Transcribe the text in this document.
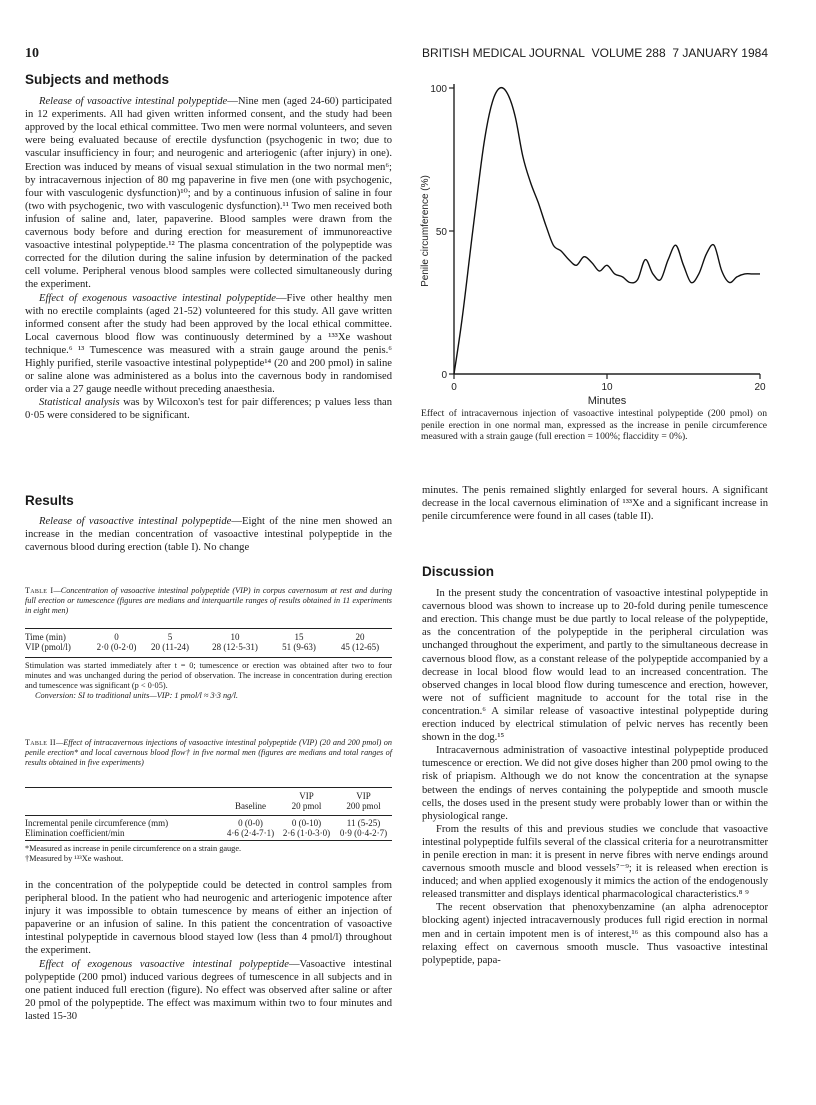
10	BRITISH MEDICAL JOURNAL VOLUME 288 7 JANUARY 1984
Subjects and methods

Release of vasoactive intestinal polypeptide—Nine men (aged 24-60) participated in 12 experiments. All had given written informed consent, and the study had been approved by the local ethical committee. Two men were normal volunteers, and seven were being evaluated because of erectile dysfunction (psychogenic in two; due to vascular insufficiency in four; and neurogenic and arteriogenic (after injury) in one). Erection was induced by means of visual sexual stimulation in the two normal men⁶; by intracavernous injection of 80 mg papaverine in five men (one with psychogenic, four with vasculogenic dysfunction)¹⁰; and by a continuous infusion of saline in four (two with psychogenic, two with vasculogenic dysfunction).¹¹ Two men received both infusion of saline and, later, papaverine. Blood samples were drawn from the cavernous body before and during erection for measurement of immunoreactive vasoactive intestinal polypeptide.¹² The plasma concentration of the polypeptide was corrected for the dilution during the saline infusion by determination of the packed cell volume. Peripheral venous blood samples were collected simultaneously during the experiment.

Effect of exogenous vasoactive intestinal polypeptide—Five other healthy men with no erectile complaints (aged 21-52) volunteered for this study. All gave written informed consent after the study had been approved by the local ethical committee. Local cavernous blood flow was continuously determined by a ¹³³Xe washout technique.⁶ ¹³ Tumescence was measured with a strain gauge around the penis.⁶ Highly purified, sterile vasoactive intestinal polypeptide¹⁴ (20 and 200 pmol) in saline or saline alone was administered as a bolus into the cavernous body in randomised order via a 27 gauge needle without preceding anaesthesia.

Statistical analysis was by Wilcoxon's test for pair differences; p values less than 0·05 were considered to be significant.

Results

Release of vasoactive intestinal polypeptide—Eight of the nine men showed an increase in the median concentration of vasoactive intestinal polypeptide in the cavernous blood during erection (table I). No change

Table I—Concentration of vasoactive intestinal polypeptide (VIP) in corpus cavernosum at rest and during full erection or tumescence (figures are medians and interquartile ranges of results obtained in 11 experiments in eight men)
Time (min)	0	5	10	15	20
VIP (pmol/l)	2·0 (0-2·0)	20 (11-24)	28 (12·5-31)	51 (9-63)	45 (12-65)
Stimulation was started immediately after t = 0; tumescence or erection was obtained after two to four minutes and was unchanged during the period of observation. The increase in concentration during erection and tumescence was significant (p < 0·05).
Conversion: SI to traditional units—VIP: 1 pmol/l ≈ 3·3 ng/l.
Table II—Effect of intracavernous injections of vasoactive intestinal polypeptide (VIP) (20 and 200 pmol) on penile erection* and local cavernous blood flow† in five normal men (figures are medians and total ranges of results obtained in five experiments)
		VIP	VIP
	Baseline	20 pmol	200 pmol
Incremental penile circumference (mm)	0 (0-0)	0 (0-10)	11 (5-25)
Elimination coefficient/min	4·6 (2·4-7·1)	2·6 (1·0-3·0)	0·9 (0·4-2·7)
*Measured as increase in penile circumference on a strain gauge.
†Measured by ¹³³Xe washout.

in the concentration of the polypeptide could be detected in control samples from peripheral blood. In the patient who had neurogenic and arteriogenic impotence after injury it was impossible to obtain tumescence by means of either an injection of papaverine or an infusion of saline. In this patient the concentration of vasoactive intestinal polypeptide in cavernous blood stayed low (less than 4 pmol/l) throughout the experiment.

Effect of exogenous vasoactive intestinal polypeptide—Vasoactive intestinal polypeptide (200 pmol) induced various degrees of tumescence in all subjects and in one patient induced full erection (figure). No effect was observed after saline or after 20 pmol of the polypeptide. The effect was maximum within two to four minutes and lasted 15-30

0
50
100
0	10	20
Minutes
Penile circumference (%)
Effect of intracavernous injection of vasoactive intestinal polypeptide (200 pmol) on penile erection in one normal man, expressed as the increase in penile circumference measured with a strain gauge (full erection = 100%; flaccidity = 0%).

minutes. The penis remained slightly enlarged for several hours. A significant decrease in the local cavernous elimination of ¹³³Xe and a significant increase in penile circumference were found in all cases (table II).

Discussion

In the present study the concentration of vasoactive intestinal polypeptide in cavernous blood was shown to increase up to 20-fold during penile tumescence and erection. This change must be due partly to local release of the polypeptide, as the concentration of the polypeptide in the peripheral circulation was unchanged throughout the experiment, and partly to the simultaneous decrease in cavernous blood flow, as a constant release of the polypeptide accompanied by a decrease in local blood flow would lead to an increased concentration. The observed changes in local blood flow during tumescence and erection, however, were not of sufficient magnitude to account for the total rise in the concentration.⁶ A similar release of vasoactive intestinal polypeptide during erection induced by electrical stimulation of pelvic nerves has recently been shown in the dog.¹⁵

Intracavernous administration of vasoactive intestinal polypeptide produced tumescence or erection. We did not give doses higher than 200 pmol owing to the risk of priapism. Although we do not know the concentration at the synapse between the endings of nerves containing the polypeptide and smooth muscle cells, the doses used in the present study were probably lower than or within the physiological range.

From the results of this and previous studies we conclude that vasoactive intestinal polypeptide fulfils several of the classical criteria for a neurotransmitter in penile erection in man: it is present in nerve fibres with nerve endings around cavernous smooth muscle and blood vessels⁷⁻⁹; it is released when erection is induced; and when applied exogenously it mimics the action of the endogenously released transmitter and displays identical pharmacological characteristics.⁸ ⁹

The recent observation that phenoxybenzamine (an alpha adrenoceptor blocking agent) injected intracavernously produces full rigid erection in normal men and in certain impotent men is of interest,¹⁶ as this compound also has a relaxing effect on cavernous smooth muscle. Thus vasoactive intestinal polypeptide, papa-
